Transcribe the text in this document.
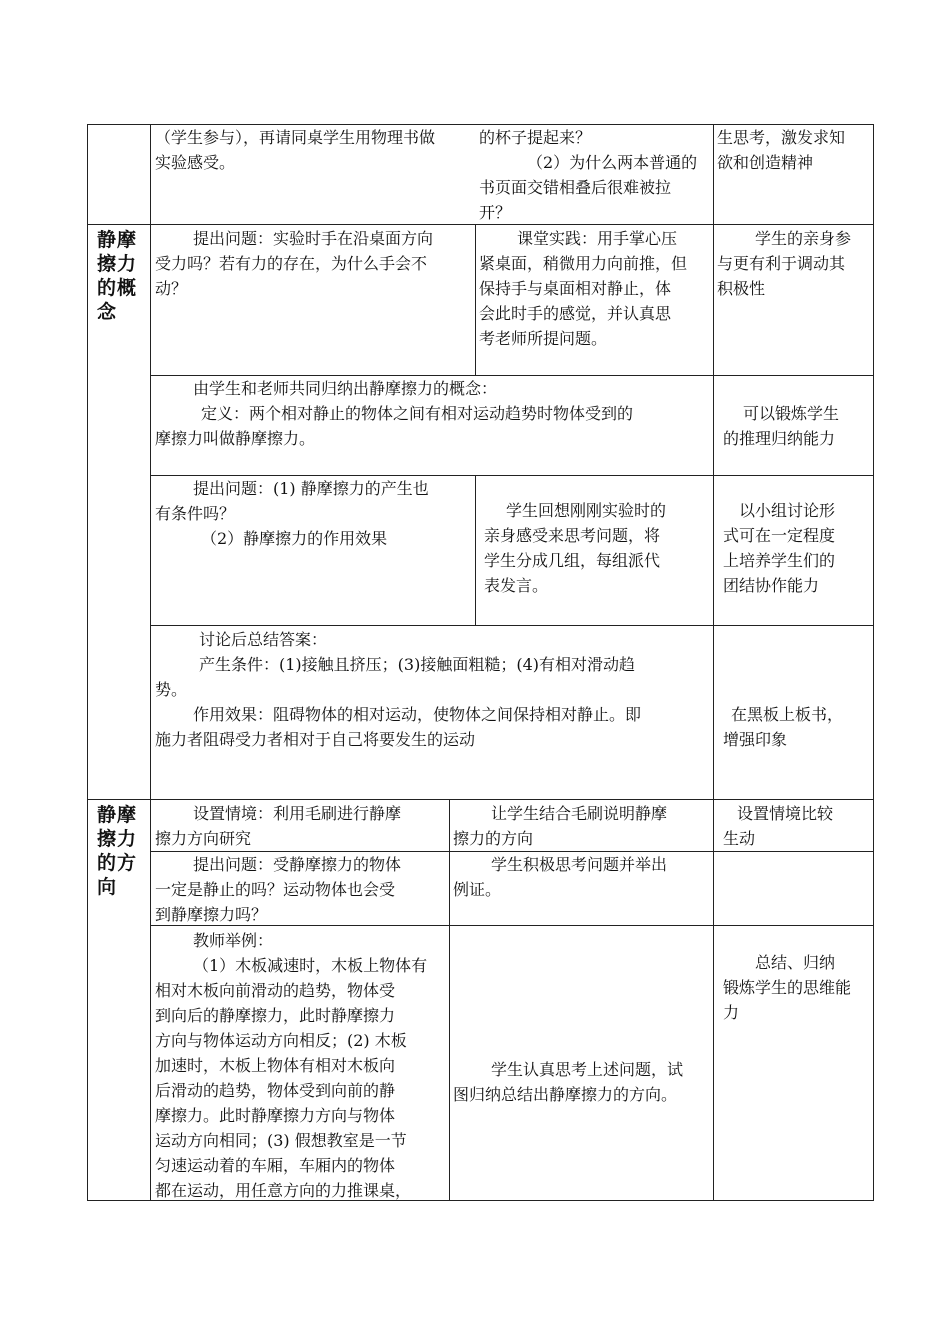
静摩
擦力
的概
念
静摩
擦力
的方
向
（学生参与），再请同桌学生用物理书做
实验感受。
的杯子提起来？
（2）为什么两本普通的
书页面交错相叠后很难被拉
开？
生思考，激发求知
欲和创造精神
提出问题：实验时手在沿桌面方向
受力吗？若有力的存在，为什么手会不
动？
课堂实践：用手掌心压
紧桌面，稍微用力向前推，但
保持手与桌面相对静止，体
会此时手的感觉，并认真思
考老师所提问题。
学生的亲身参
与更有利于调动其
积极性
由学生和老师共同归纳出静摩擦力的概念：
定义：两个相对静止的物体之间有相对运动趋势时物体受到的
摩擦力叫做静摩擦力。
可以锻炼学生
的推理归纳能力
提出问题：(1) 静摩擦力的产生也
有条件吗？
（2）静摩擦力的作用效果
学生回想刚刚实验时的
亲身感受来思考问题，将
学生分成几组，每组派代
表发言。
以小组讨论形
式可在一定程度
上培养学生们的
团结协作能力
讨论后总结答案：
产生条件：(1)接触且挤压；(3)接触面粗糙；(4)有相对滑动趋
势。
作用效果：阻碍物体的相对运动，使物体之间保持相对静止。即
施力者阻碍受力者相对于自己将要发生的运动
在黑板上板书，
增强印象
设置情境：利用毛刷进行静摩
擦力方向研究
让学生结合毛刷说明静摩
擦力的方向
设置情境比较
生动
提出问题：受静摩擦力的物体
一定是静止的吗？运动物体也会受
到静摩擦力吗？
学生积极思考问题并举出
例证。
教师举例：
（1）木板减速时，木板上物体有
相对木板向前滑动的趋势，物体受
到向后的静摩擦力，此时静摩擦力
方向与物体运动方向相反；(2) 木板
加速时，木板上物体有相对木板向
后滑动的趋势，物体受到向前的静
摩擦力。此时静摩擦力方向与物体
运动方向相同；(3) 假想教室是一节
匀速运动着的车厢，车厢内的物体
都在运动，用任意方向的力推课桌，
学生认真思考上述问题，试
图归纳总结出静摩擦力的方向。
总结、归纳
锻炼学生的思维能
力
